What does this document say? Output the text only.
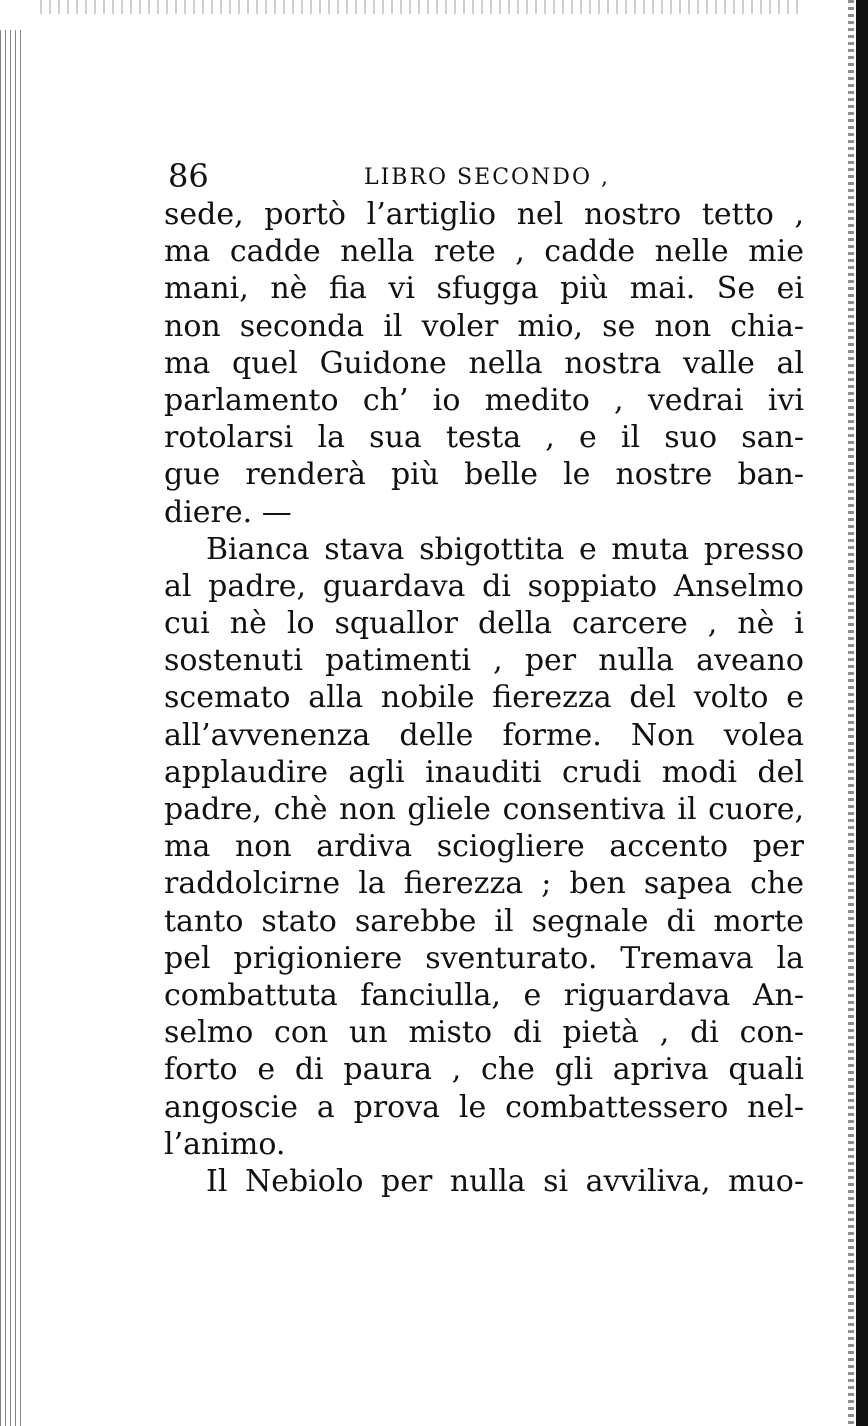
86	LIBRO SECONDO ,
sede, portò l’artiglio nel nostro tetto ,
ma cadde nella rete , cadde nelle mie
mani, nè fia vi sfugga più mai. Se ei
non seconda il voler mio, se non chia-
ma quel Guidone nella nostra valle al
parlamento ch’ io medito , vedrai ivi
rotolarsi la sua testa , e il suo san-
gue renderà più belle le nostre ban-
diere. —
Bianca stava sbigottita e muta presso
al padre, guardava di soppiato Anselmo
cui nè lo squallor della carcere , nè i
sostenuti patimenti , per nulla aveano
scemato alla nobile fierezza del volto e
all’avvenenza delle forme. Non volea
applaudire agli inauditi crudi modi del
padre, chè non gliele consentiva il cuore,
ma non ardiva sciogliere accento per
raddolcirne la fierezza ; ben sapea che
tanto stato sarebbe il segnale di morte
pel prigioniere sventurato. Tremava la
combattuta fanciulla, e riguardava An-
selmo con un misto di pietà , di con-
forto e di paura , che gli apriva quali
angoscie a prova le combattessero nel-
l’animo.
Il Nebiolo per nulla si avviliva, muo-
